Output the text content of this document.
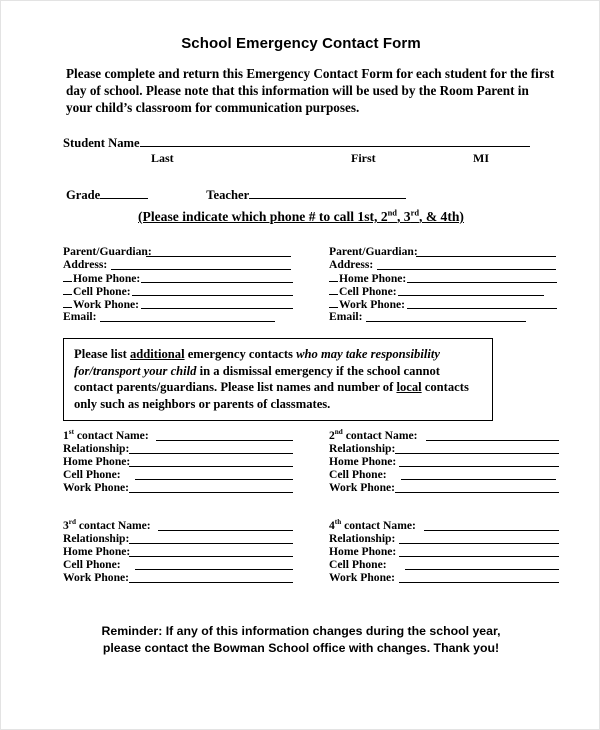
School Emergency Contact Form
Please complete and return this Emergency Contact Form for each student for the first day of school. Please note that this information will be used by the Room Parent in your child’s classroom for communication purposes.
Student Name
Last	First	MI
Grade	Teacher
(Please indicate which phone # to call 1st, 2nd, 3rd, & 4th)
Parent/Guardian:
Address:
Home Phone:
Cell Phone:
Work Phone:
Email:
Parent/Guardian:
Address:
Home Phone:
Cell Phone:
Work Phone:
Email:
Please list additional emergency contacts who may take responsibility for/transport your child in a dismissal emergency if the school cannot contact parents/guardians. Please list names and number of local contacts only such as neighbors or parents of classmates.
1st contact Name:
Relationship:
Home Phone:
Cell Phone:
Work Phone:
2nd contact Name:
Relationship:
Home Phone:
Cell Phone:
Work Phone:
3rd contact Name:
Relationship:
Home Phone:
Cell Phone:
Work Phone:
4th contact Name:
Relationship:
Home Phone:
Cell Phone:
Work Phone:
Reminder: If any of this information changes during the school year,
please contact the Bowman School office with changes. Thank you!
